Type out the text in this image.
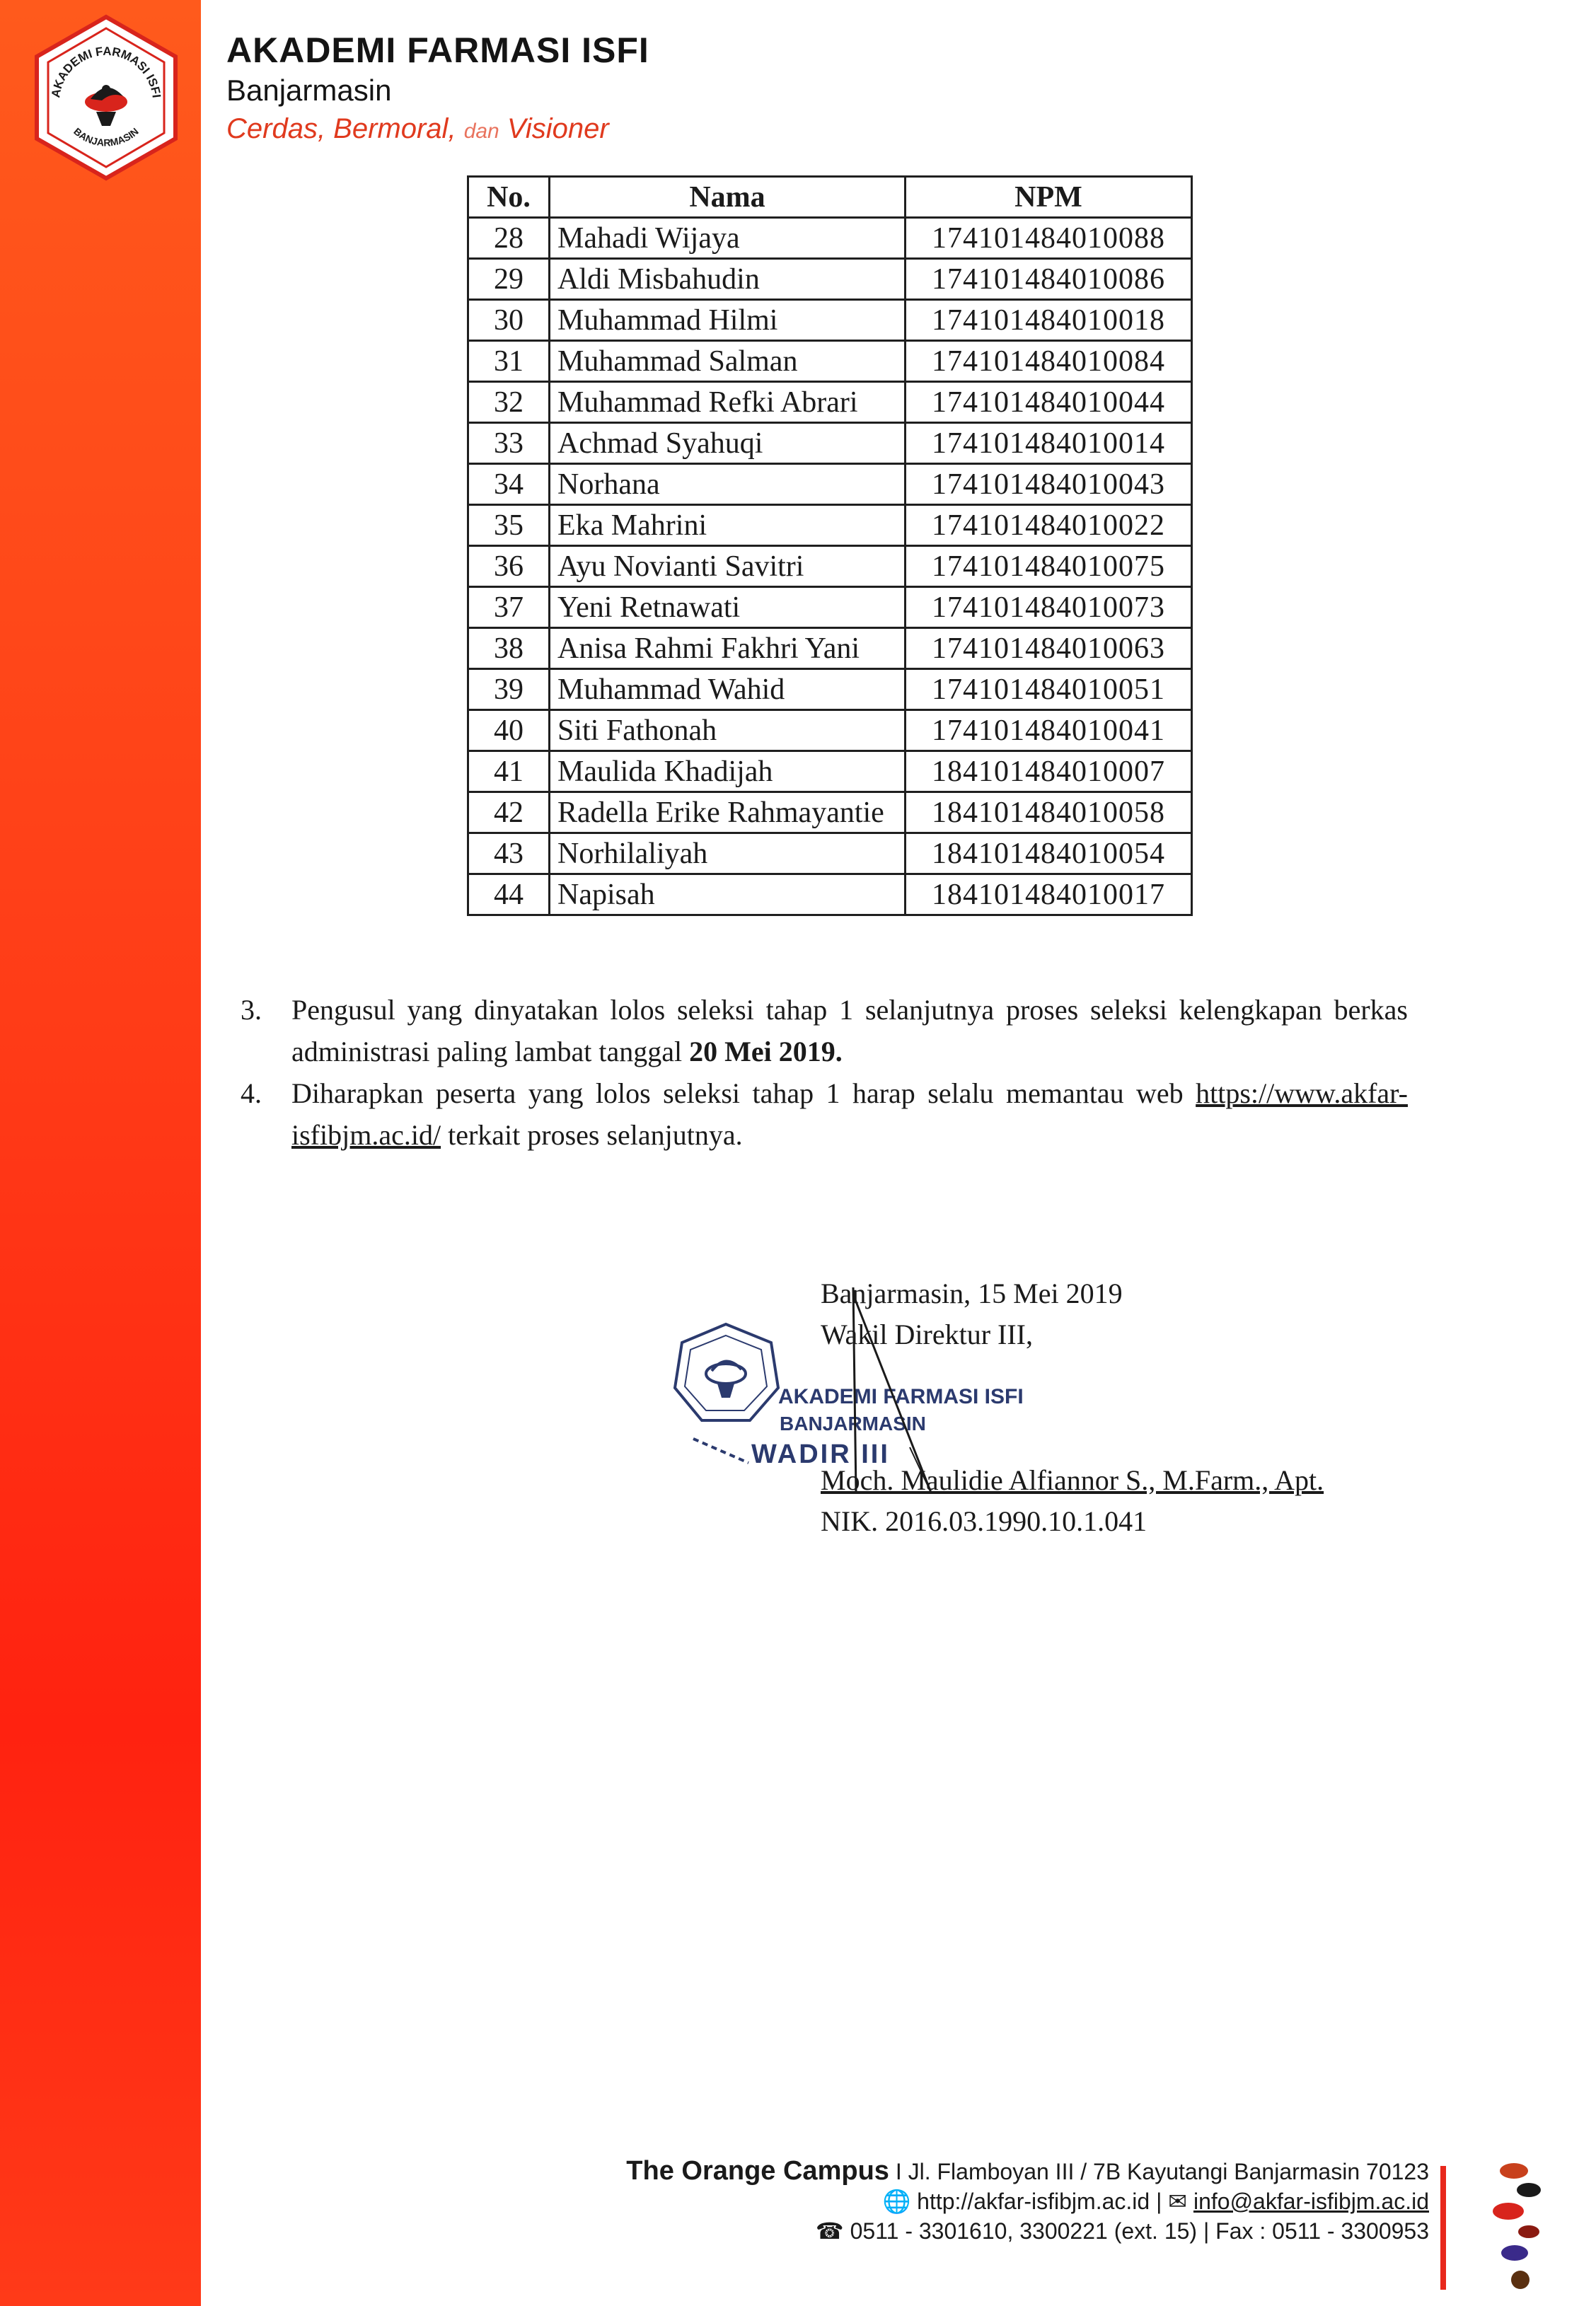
AKADEMI FARMASI ISFI
BANJARMASIN
AKADEMI FARMASI ISFI
Banjarmasin
Cerdas, Bermoral, dan Visioner
No.	Nama	NPM
28	Mahadi Wijaya	174101484010088
29	Aldi Misbahudin	174101484010086
30	Muhammad Hilmi	174101484010018
31	Muhammad Salman	174101484010084
32	Muhammad Refki Abrari	174101484010044
33	Achmad Syahuqi	174101484010014
34	Norhana	174101484010043
35	Eka Mahrini	174101484010022
36	Ayu Novianti Savitri	174101484010075
37	Yeni Retnawati	174101484010073
38	Anisa Rahmi Fakhri Yani	174101484010063
39	Muhammad Wahid	174101484010051
40	Siti Fathonah	174101484010041
41	Maulida Khadijah	184101484010007
42	Radella Erike Rahmayantie	184101484010058
43	Norhilaliyah	184101484010054
44	Napisah	184101484010017
3.	Pengusul yang dinyatakan lolos seleksi tahap 1 selanjutnya proses seleksi kelengkapan berkas administrasi paling lambat tanggal 20 Mei 2019.
4.	Diharapkan peserta yang lolos seleksi tahap 1 harap selalu memantau web https://www.akfar-isfibjm.ac.id/ terkait proses selanjutnya.
AKADEMI FARMASI ISFI
BANJARMASIN
WADIR III
Banjarmasin, 15 Mei 2019
Wakil Direktur III,
Moch. Maulidie Alfiannor S., M.Farm., Apt.
NIK. 2016.03.1990.10.1.041
The Orange Campus I Jl. Flamboyan III / 7B Kayutangi Banjarmasin 70123
🌐 http://akfar-isfibjm.ac.id | ✉ info@akfar-isfibjm.ac.id
☎ 0511 - 3301610, 3300221 (ext. 15) | Fax : 0511 - 3300953
